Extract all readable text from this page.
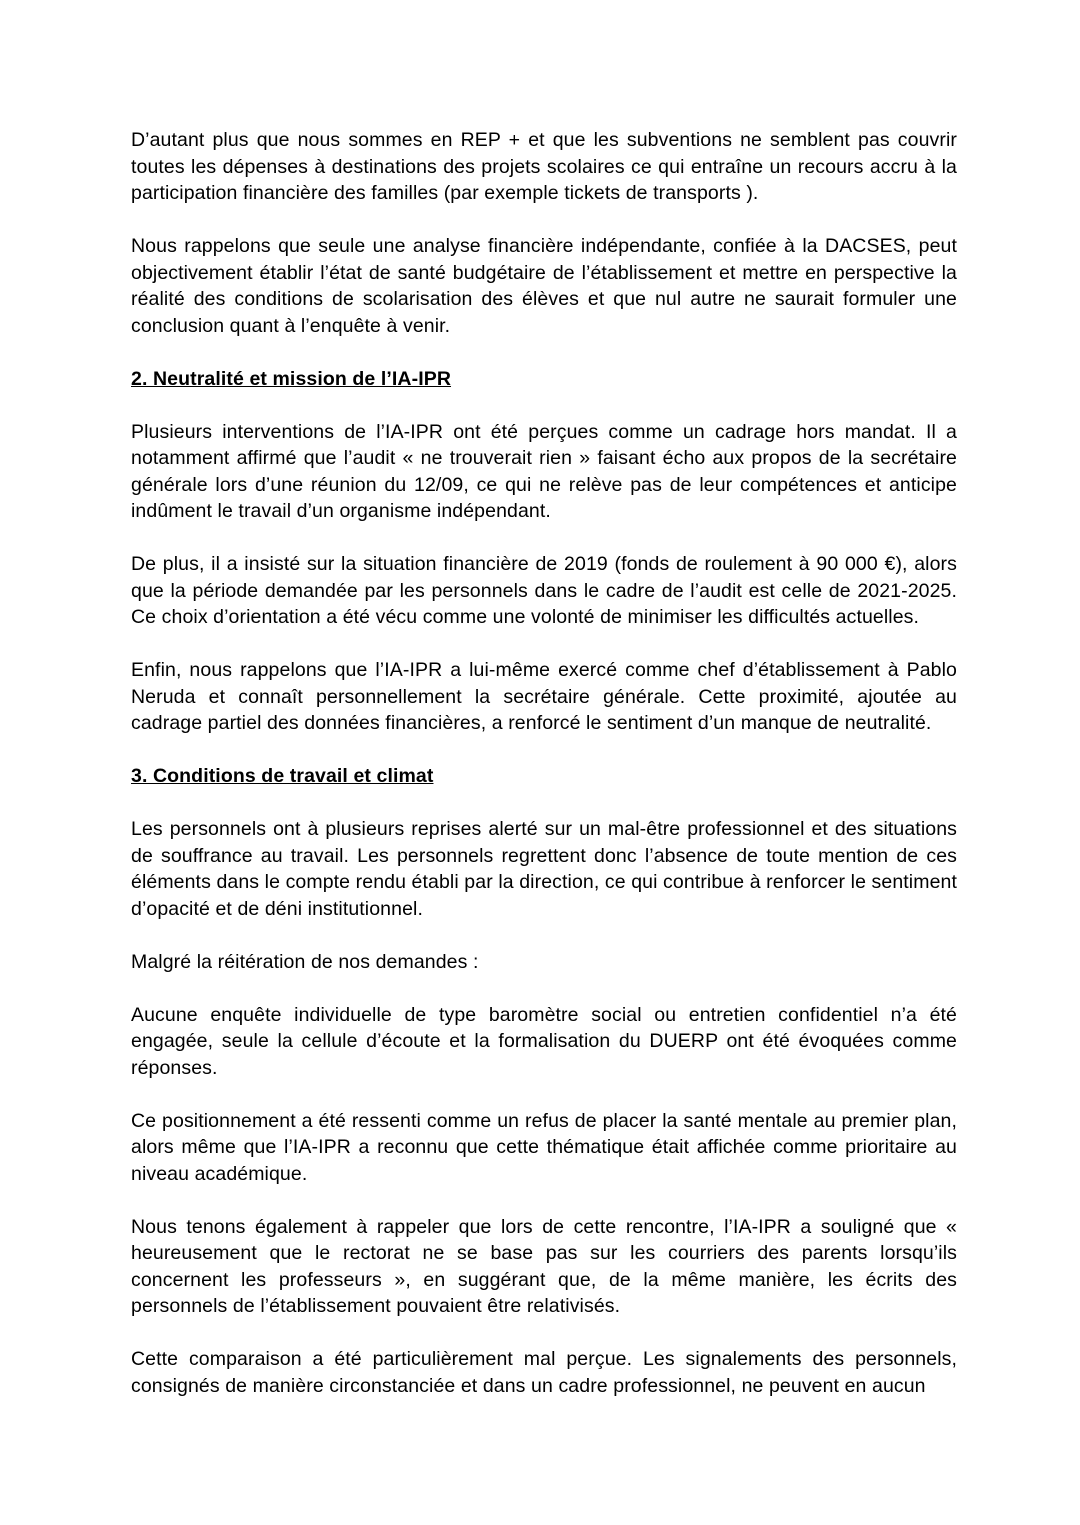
D’autant plus que nous sommes en REP + et que les subventions ne semblent pas couvrir toutes les dépenses à destinations des projets scolaires ce qui entraîne un recours accru à la participation financière des familles (par exemple tickets de transports ).

Nous rappelons que seule une analyse financière indépendante, confiée à la DACSES, peut objectivement établir l’état de santé budgétaire de l’établissement et mettre en perspective la réalité des conditions de scolarisation des élèves et que nul autre ne saurait formuler une conclusion quant à l’enquête à venir.

2. Neutralité et mission de l’IA-IPR

Plusieurs interventions de l’IA-IPR ont été perçues comme un cadrage hors mandat. Il a notamment affirmé que l’audit « ne trouverait rien » faisant écho aux propos de la secrétaire générale lors d’une réunion du 12/09, ce qui ne relève pas de leur compétences et anticipe indûment le travail d’un organisme indépendant.

De plus, il a insisté sur la situation financière de 2019 (fonds de roulement à 90 000 €), alors que la période demandée par les personnels dans le cadre de l’audit est celle de 2021-2025. Ce choix d’orientation a été vécu comme une volonté de minimiser les difficultés actuelles.

Enfin, nous rappelons que l’IA-IPR a lui-même exercé comme chef d’établissement à Pablo Neruda et connaît personnellement la secrétaire générale. Cette proximité, ajoutée au cadrage partiel des données financières, a renforcé le sentiment d’un manque de neutralité.

3. Conditions de travail et climat

Les personnels ont à plusieurs reprises alerté sur un mal-être professionnel et des situations de souffrance au travail. Les personnels regrettent donc l’absence de toute mention de ces éléments dans le compte rendu établi par la direction, ce qui contribue à renforcer le sentiment d’opacité et de déni institutionnel.

Malgré la réitération de nos demandes :

Aucune enquête individuelle de type baromètre social ou entretien confidentiel n’a été engagée, seule la cellule d’écoute et la formalisation du DUERP ont été évoquées comme réponses.

Ce positionnement a été ressenti comme un refus de placer la santé mentale au premier plan, alors même que l’IA-IPR a reconnu que cette thématique était affichée comme prioritaire au niveau académique.

Nous tenons également à rappeler que lors de cette rencontre, l’IA-IPR a souligné que « heureusement que le rectorat ne se base pas sur les courriers des parents lorsqu’ils concernent les professeurs », en suggérant que, de la même manière, les écrits des personnels de l’établissement pouvaient être relativisés.

Cette comparaison a été particulièrement mal perçue. Les signalements des personnels, consignés de manière circonstanciée et dans un cadre professionnel, ne peuvent en aucun
